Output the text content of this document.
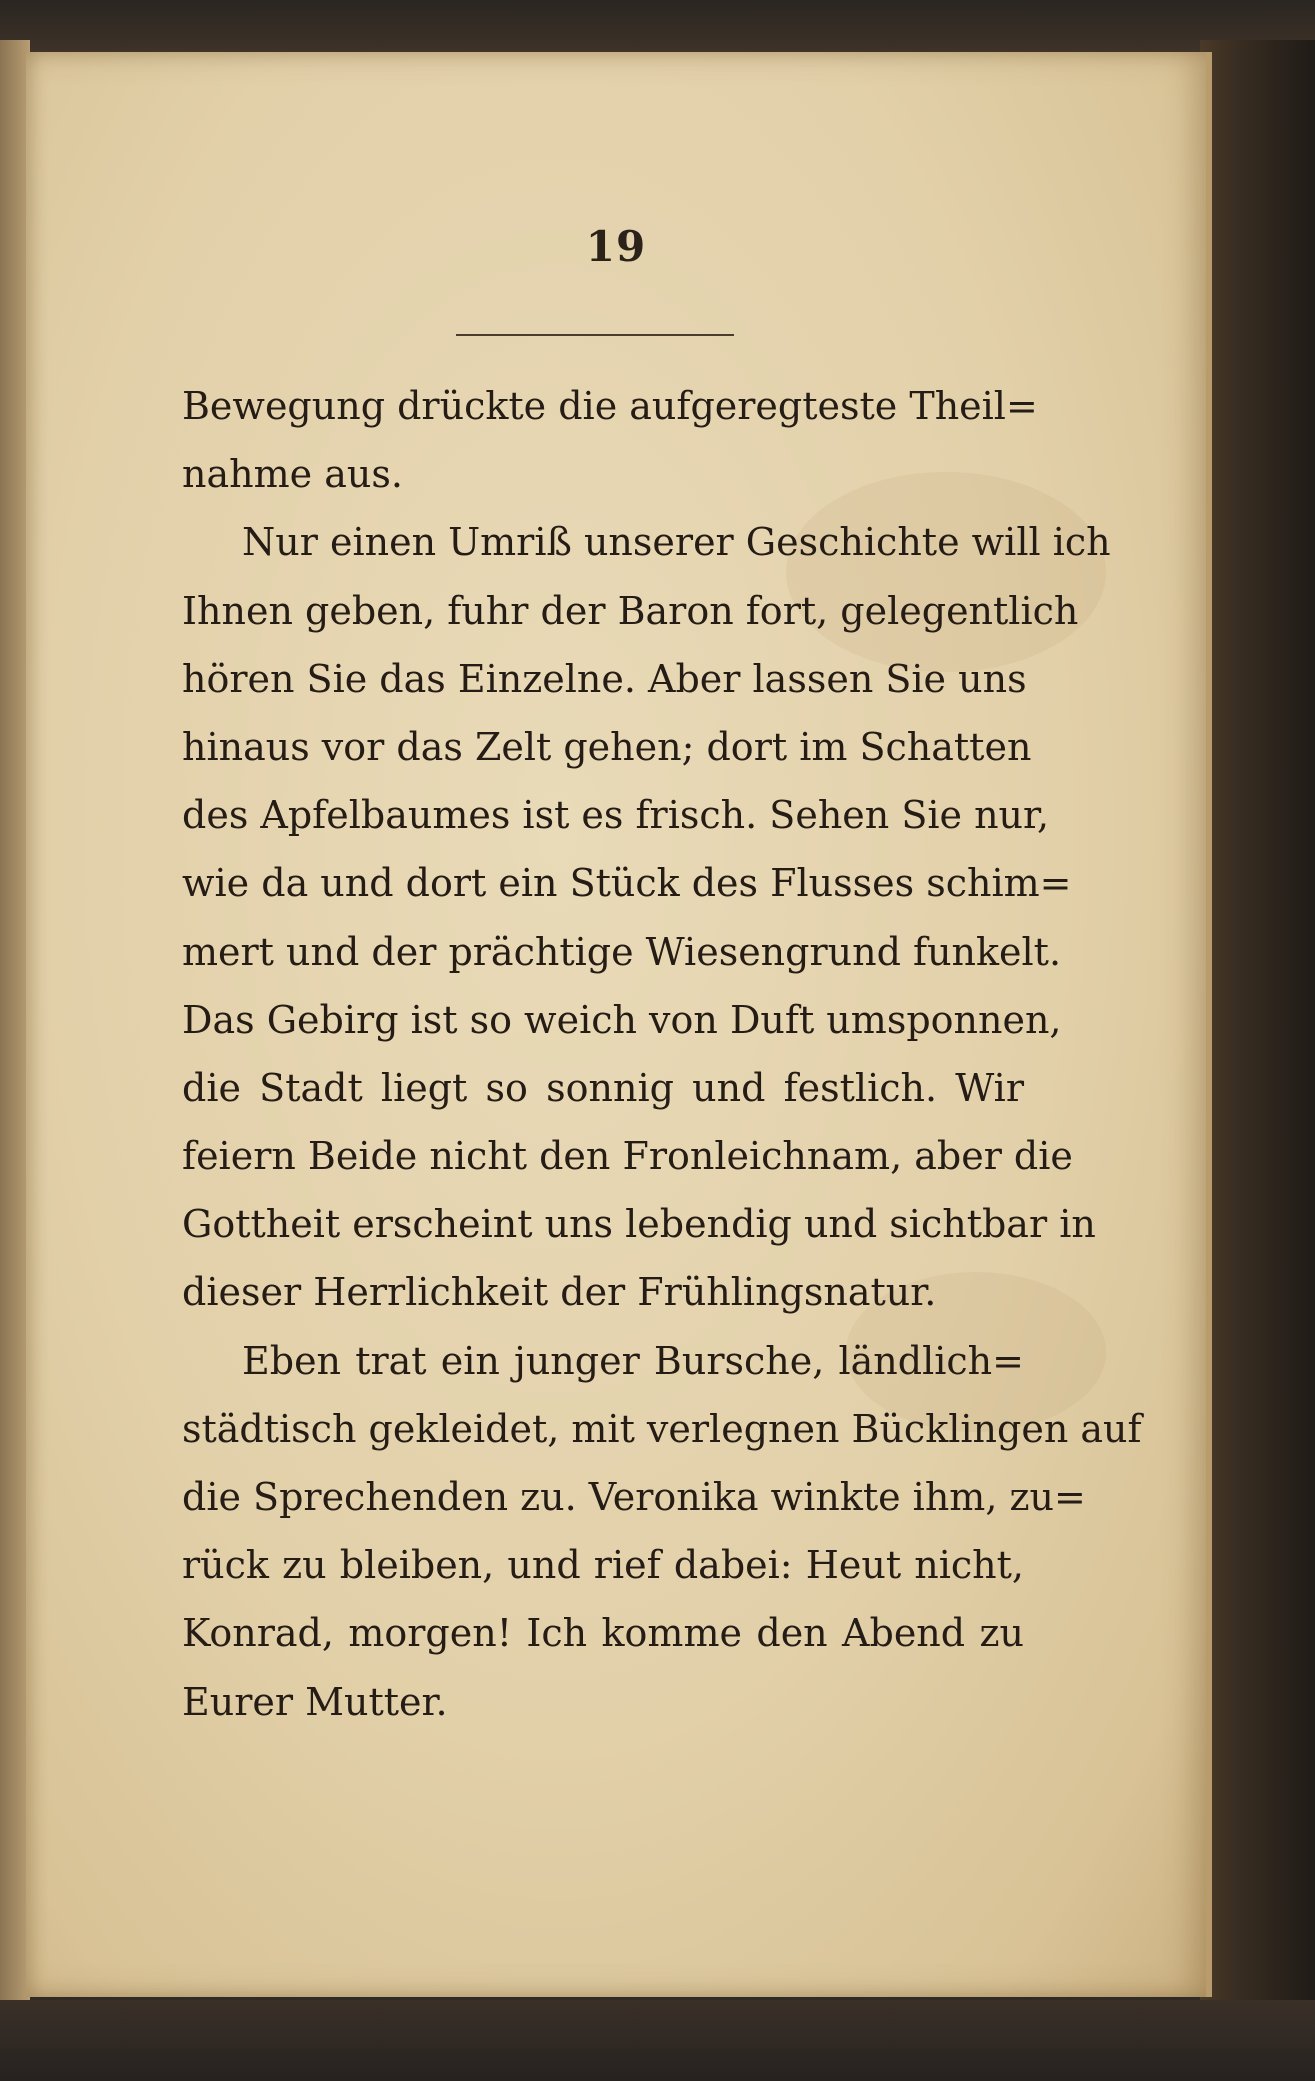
19
Bewegung drückte die aufgeregteste Theil=
nahme aus.
Nur einen Umriß unserer Geschichte will ich
Ihnen geben, fuhr der Baron fort, gelegentlich
hören Sie das Einzelne. Aber lassen Sie uns
hinaus vor das Zelt gehen; dort im Schatten
des Apfelbaumes ist es frisch. Sehen Sie nur,
wie da und dort ein Stück des Flusses schim=
mert und der prächtige Wiesengrund funkelt.
Das Gebirg ist so weich von Duft umsponnen,
die Stadt liegt so sonnig und festlich. Wir
feiern Beide nicht den Fronleichnam, aber die
Gottheit erscheint uns lebendig und sichtbar in
dieser Herrlichkeit der Frühlingsnatur.
Eben trat ein junger Bursche, ländlich=
städtisch gekleidet, mit verlegnen Bücklingen auf
die Sprechenden zu. Veronika winkte ihm, zu=
rück zu bleiben, und rief dabei: Heut nicht,
Konrad, morgen! Ich komme den Abend zu
Eurer Mutter.
